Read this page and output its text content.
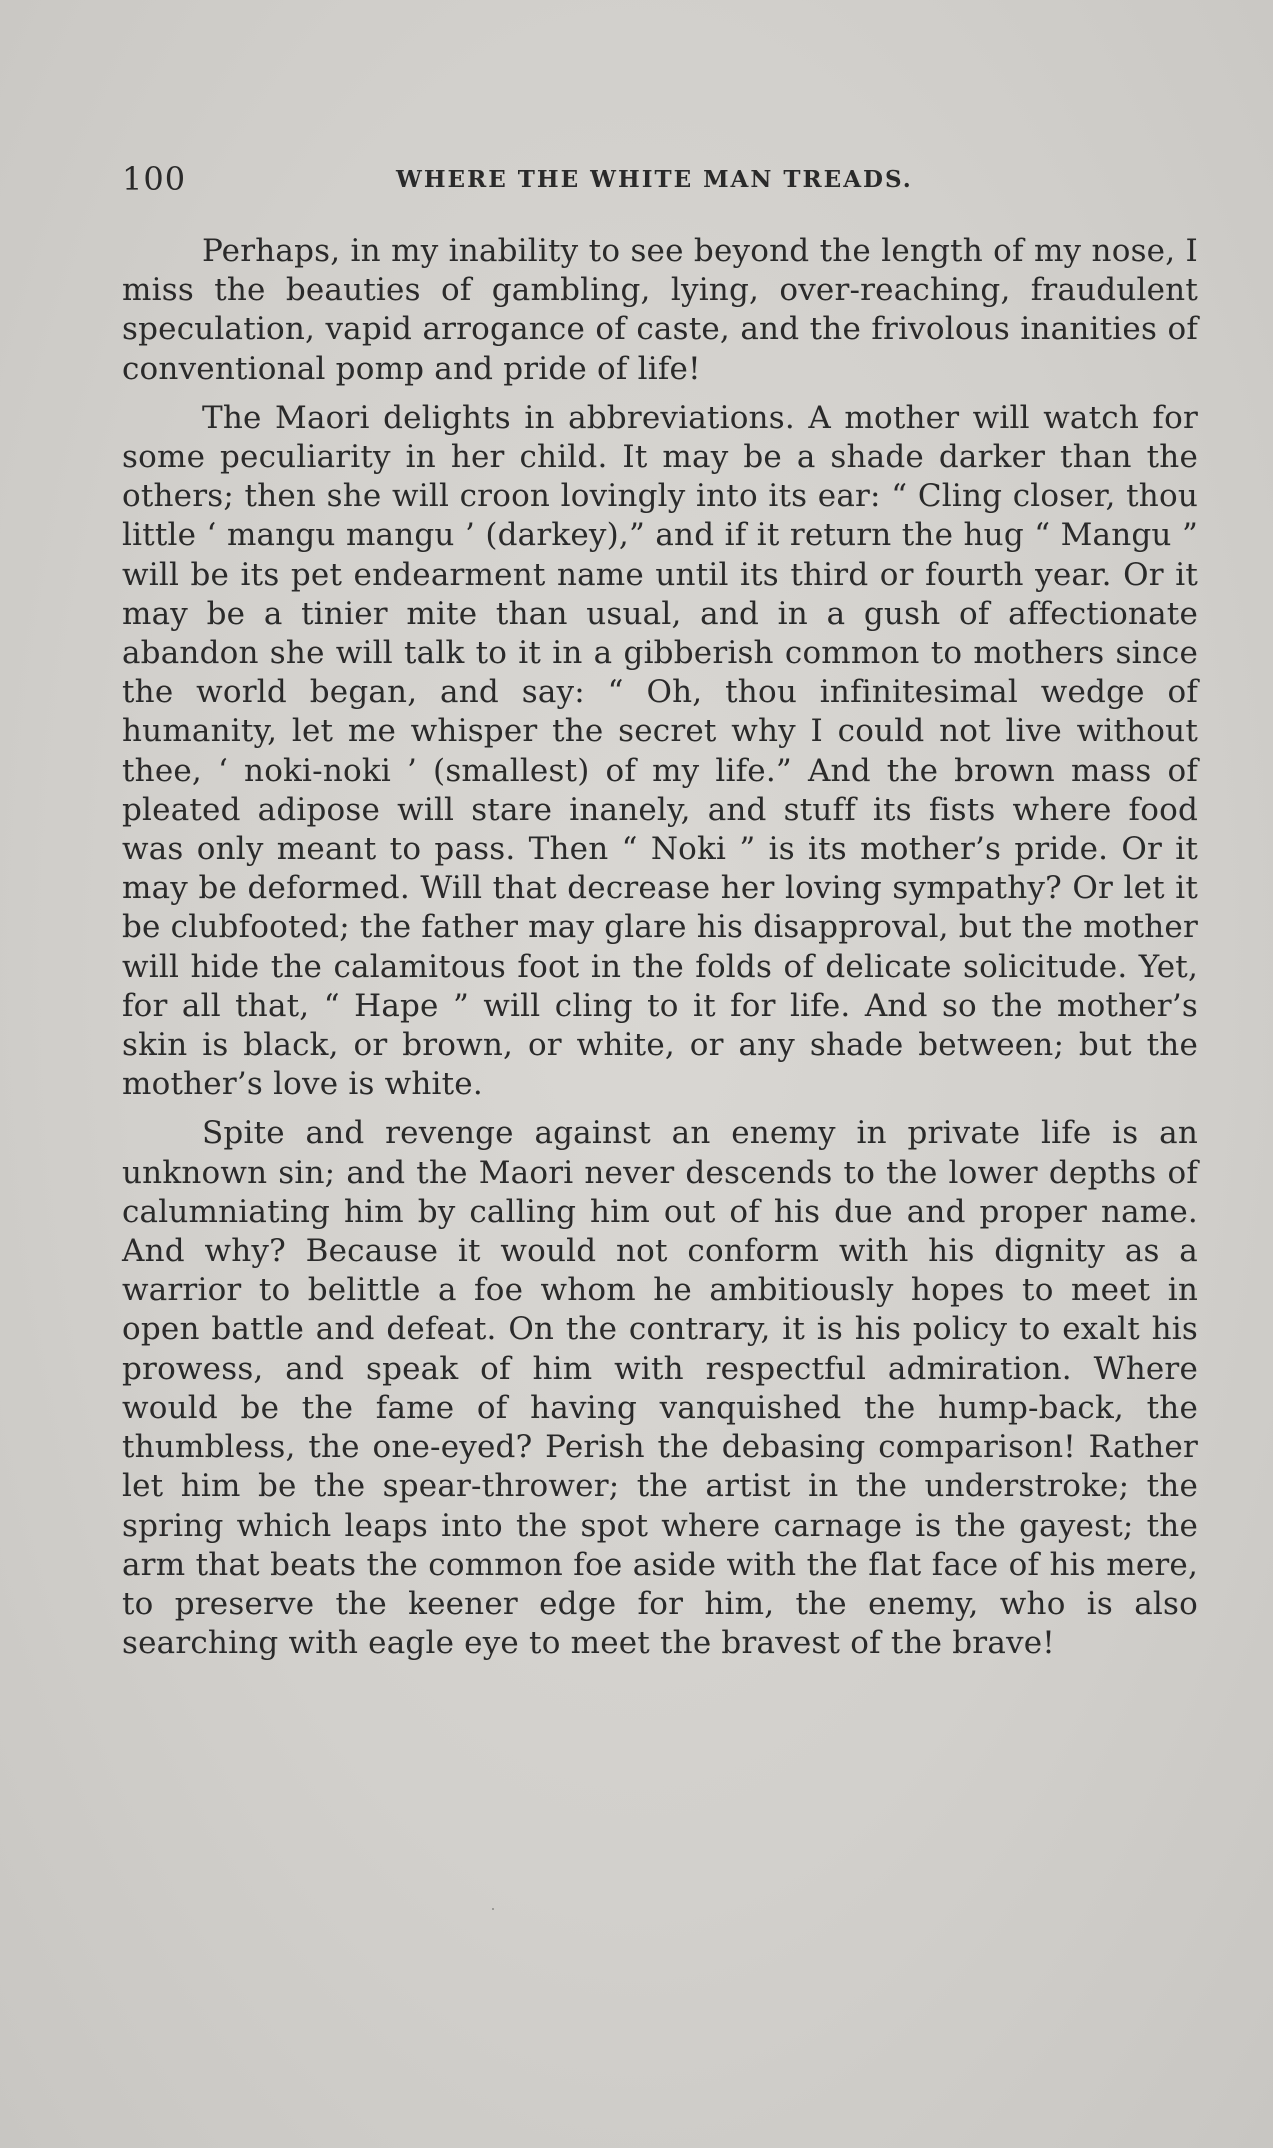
100	WHERE THE WHITE MAN TREADS.

Perhaps, in my inability to see beyond the length of my nose, I miss the beauties of gambling, lying, over-reaching, fraudulent speculation, vapid arrogance of caste, and the frivolous inanities of conventional pomp and pride of life!

The Maori delights in abbreviations. A mother will watch for some peculiarity in her child. It may be a shade darker than the others; then she will croon lovingly into its ear: “ Cling closer, thou little ‘ mangu mangu ’ (darkey),” and if it return the hug “ Mangu ” will be its pet endearment name until its third or fourth year. Or it may be a tinier mite than usual, and in a gush of affectionate abandon she will talk to it in a gibberish common to mothers since the world began, and say: “ Oh, thou infinitesimal wedge of humanity, let me whisper the secret why I could not live without thee, ‘ noki-noki ’ (smallest) of my life.” And the brown mass of pleated adipose will stare inanely, and stuff its fists where food was only meant to pass. Then “ Noki ” is its mother’s pride. Or it may be deformed. Will that decrease her loving sympathy? Or let it be clubfooted; the father may glare his disapproval, but the mother will hide the calamitous foot in the folds of delicate solicitude. Yet, for all that, “ Hape ” will cling to it for life. And so the mother’s skin is black, or brown, or white, or any shade between; but the mother’s love is white.

Spite and revenge against an enemy in private life is an unknown sin; and the Maori never descends to the lower depths of calumniating him by calling him out of his due and proper name. And why? Because it would not conform with his dignity as a warrior to belittle a foe whom he ambitiously hopes to meet in open battle and defeat. On the contrary, it is his policy to exalt his prowess, and speak of him with respectful admiration. Where would be the fame of having vanquished the hump-back, the thumbless, the one-eyed? Perish the debasing comparison! Rather let him be the spear-thrower; the artist in the understroke; the spring which leaps into the spot where carnage is the gayest; the arm that beats the common foe aside with the flat face of his mere, to preserve the keener edge for him, the enemy, who is also searching with eagle eye to meet the bravest of the brave!
